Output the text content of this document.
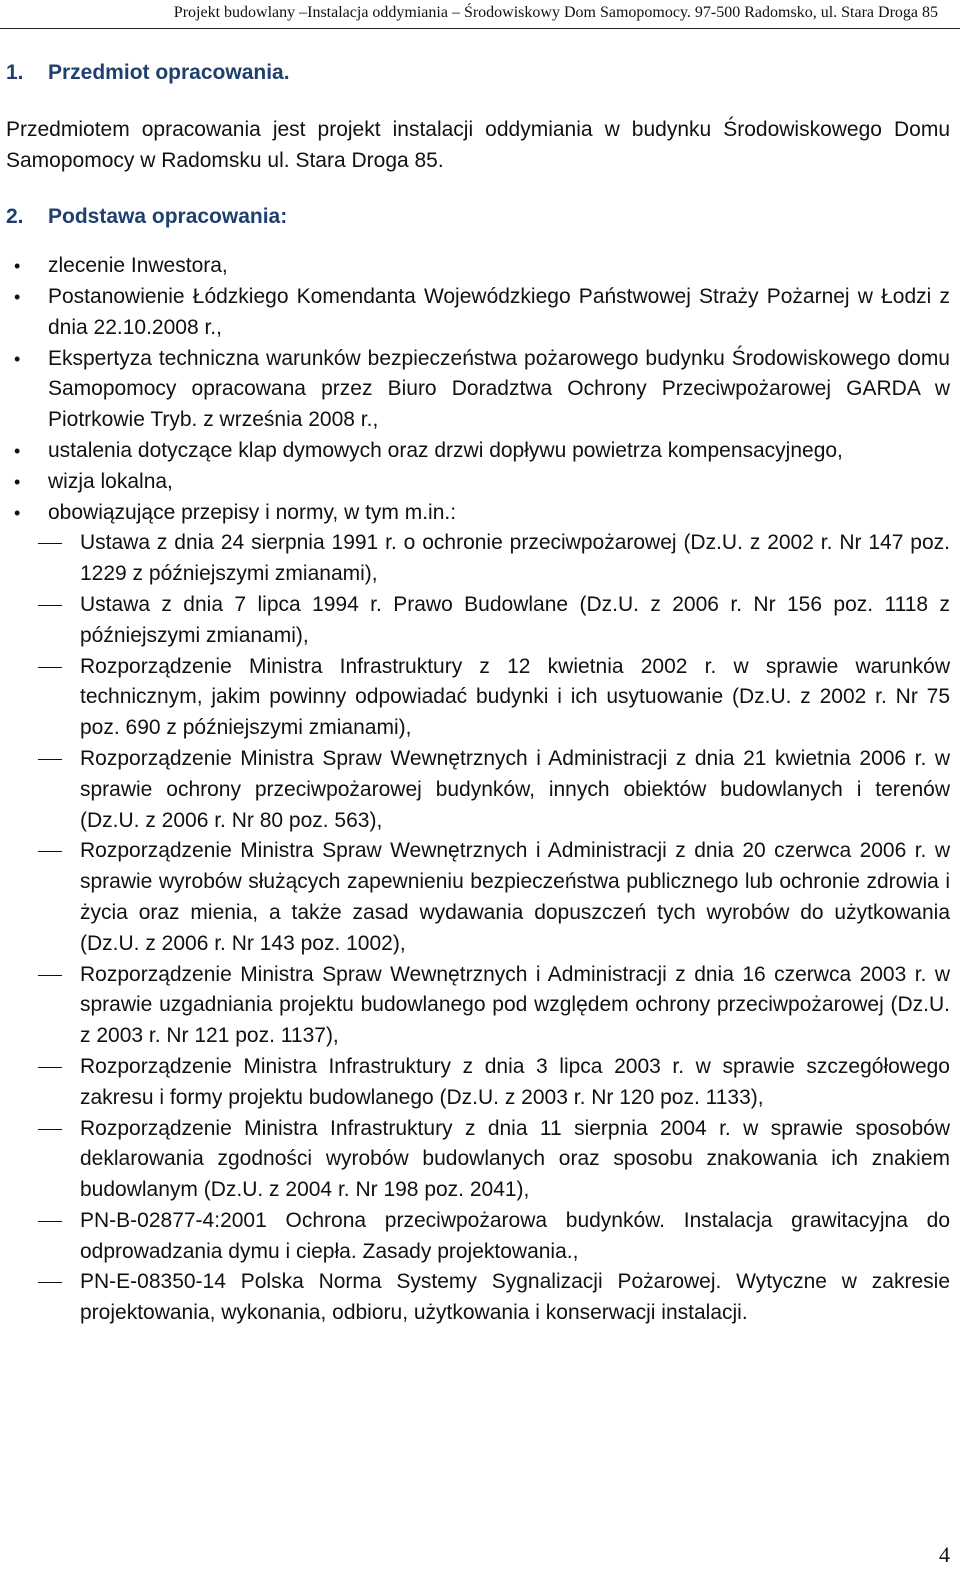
Projekt budowlany –Instalacja oddymiania – Środowiskowy Dom Samopomocy. 97-500 Radomsko, ul. Stara Droga 85
1.	Przedmiot opracowania.

Przedmiotem opracowania jest projekt instalacji oddymiania w budynku Środowiskowego Domu Samopomocy w Radomsku ul. Stara Droga 85.

2.	Podstawa opracowania:
• zlecenie Inwestora,
• Postanowienie Łódzkiego Komendanta Wojewódzkiego Państwowej Straży Pożarnej w Łodzi z dnia 22.10.2008 r.,
• Ekspertyza techniczna warunków bezpieczeństwa pożarowego budynku Środowiskowego domu Samopomocy opracowana przez Biuro Doradztwa Ochrony Przeciwpożarowej GARDA w Piotrkowie Tryb. z września 2008 r.,
• ustalenia dotyczące klap dymowych oraz drzwi dopływu powietrza kompensacyjnego,
• wizja lokalna,
• obowiązujące przepisy i normy, w tym m.in.:
Ustawa z dnia 24 sierpnia 1991 r. o ochronie przeciwpożarowej (Dz.U. z 2002 r. Nr 147 poz. 1229 z późniejszymi zmianami),
Ustawa z dnia 7 lipca 1994 r. Prawo Budowlane (Dz.U. z 2006 r. Nr 156 poz. 1118 z późniejszymi zmianami),
Rozporządzenie Ministra Infrastruktury z 12 kwietnia 2002 r. w sprawie warunków technicznym, jakim powinny odpowiadać budynki i ich usytuowanie (Dz.U. z 2002 r. Nr 75 poz. 690 z późniejszymi zmianami),
Rozporządzenie Ministra Spraw Wewnętrznych i Administracji z dnia 21 kwietnia 2006 r. w sprawie ochrony przeciwpożarowej budynków, innych obiektów budowlanych i terenów (Dz.U. z 2006 r. Nr 80 poz. 563),
Rozporządzenie Ministra Spraw Wewnętrznych i Administracji z dnia 20 czerwca 2006 r. w sprawie wyrobów służących zapewnieniu bezpieczeństwa publicznego lub ochronie zdrowia i życia oraz mienia, a także zasad wydawania dopuszczeń tych wyrobów do użytkowania (Dz.U. z 2006 r. Nr 143 poz. 1002),
Rozporządzenie Ministra Spraw Wewnętrznych i Administracji z dnia 16 czerwca 2003 r. w sprawie uzgadniania projektu budowlanego pod względem ochrony przeciwpożarowej (Dz.U. z 2003 r. Nr 121 poz. 1137),
Rozporządzenie Ministra Infrastruktury z dnia 3 lipca 2003 r. w sprawie szczegółowego zakresu i formy projektu budowlanego (Dz.U. z 2003 r. Nr 120 poz. 1133),
Rozporządzenie Ministra Infrastruktury z dnia 11 sierpnia 2004 r. w sprawie sposobów deklarowania zgodności wyrobów budowlanych oraz sposobu znakowania ich znakiem budowlanym (Dz.U. z 2004 r. Nr 198 poz. 2041),
PN-B-02877-4:2001 Ochrona przeciwpożarowa budynków. Instalacja grawitacyjna do odprowadzania dymu i ciepła. Zasady projektowania.,
PN-E-08350-14 Polska Norma Systemy Sygnalizacji Pożarowej. Wytyczne w zakresie projektowania, wykonania, odbioru, użytkowania i konserwacji instalacji.
4
